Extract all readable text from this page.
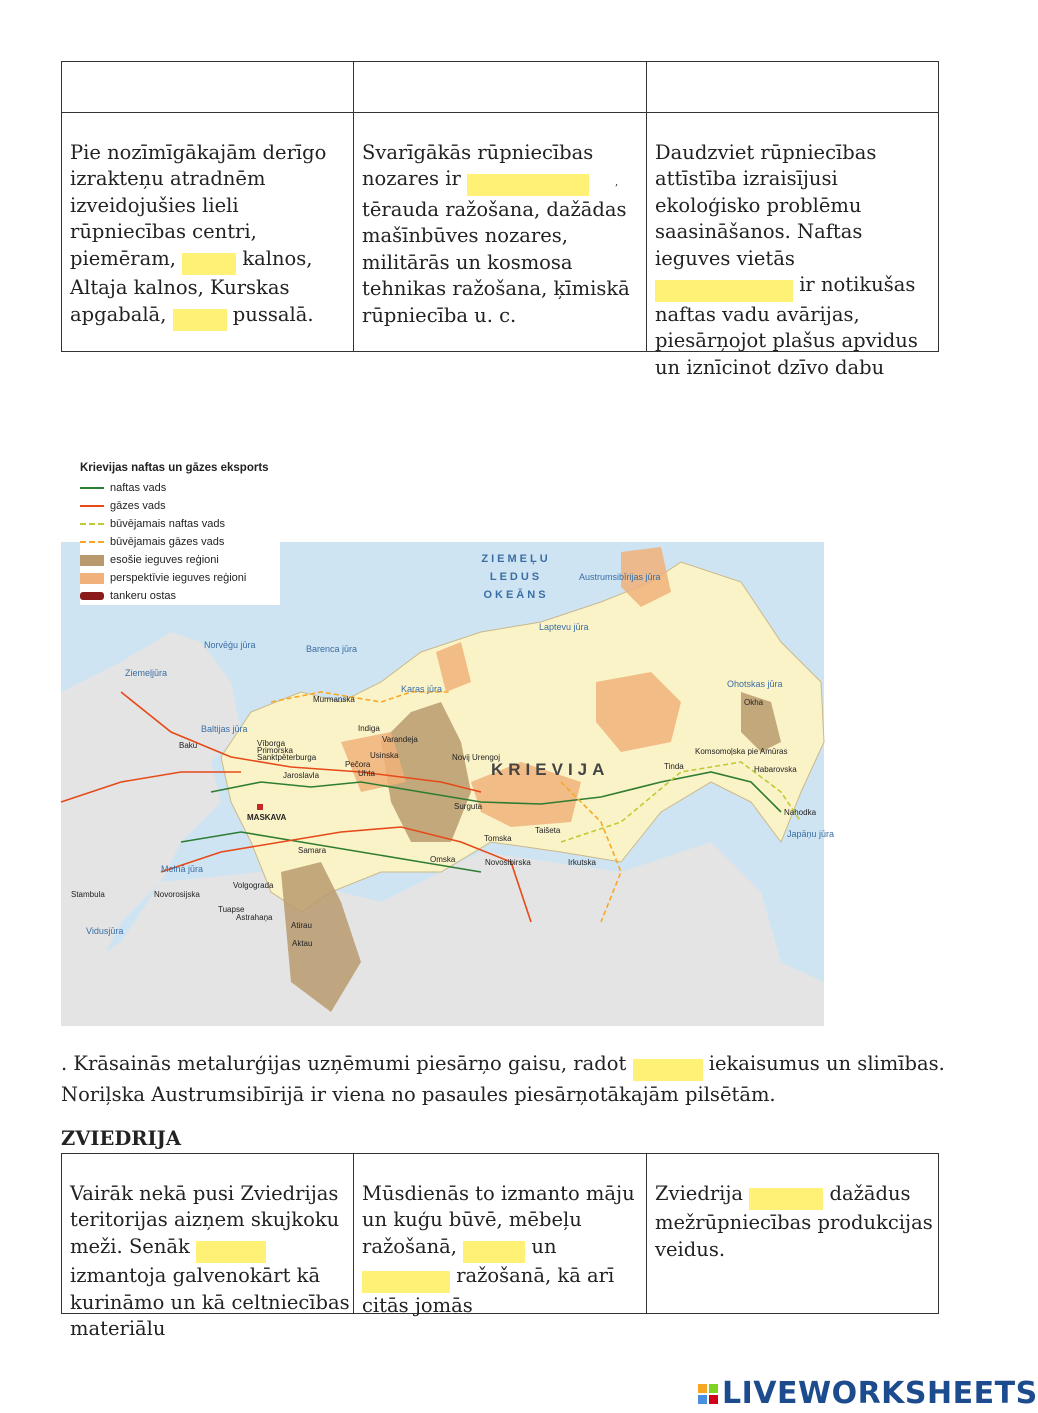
Pie nozīmīgākajām derīgo
izrakteņu atradnēm
izveidojušies lieli
rūpniecības centri,
piemēram,	kalnos,
Altaja kalnos, Kurskas
apgabalā,	pussalā.

Svarīgākās rūpniecības
nozares ir	,
tērauda ražošana, dažādas
mašīnbūves nozares,
militārās un kosmosa
tehnikas ražošana, ķīmiskā
rūpniecība u. c.

Daudzviet rūpniecības
attīstība izraisījusi
ekoloģisko problēmu
saasināšanos. Naftas
ieguves vietās
ir notikušas
naftas vadu avārijas,
piesārņojot plašus apvidus
un iznīcinot dzīvo dabu

ZIEMEĻU
LEDUS
OKEĀNS
KRIEVIJA
Norvēģu jūra	Barenca jūra
Karas jūra
Laptevu jūra
Austrumsibīrijas jūra
Ohotskas jūra
Japāņu jūra
Baltijas jūra
Melnā jūra
Vidusjūra
Ziemeļjūra
MASKAVA
Murmanska
Sanktpēterburga
Vīborga
Primorska
Jaroslavla
Samara
Volgograda
Novorosijska
Tuapse
Astrahaņa
Atirau
Aktau
Stambula
Surguta
Novij Urengoj
Tomska
Omska	Novosibirska	Irkutska
Taišeta
Tinda
Komsomoļska pie Amūras
Habarovska
Nahodka
Okha
Uhta
Pečora
Usinska
Indiga
Varandeja
Baku
Krievijas naftas un gāzes eksports
naftas vads
gāzes vads
būvējamais naftas vads
būvējamais gāzes vads
esošie ieguves reģioni
perspektīvie ieguves reģioni
tankeru ostas
. Krāsainās metalurģijas uzņēmumi piesārņo gaisu, radot	iekaisumus un slimības.
Noriļska Austrumsibīrijā ir viena no pasaules piesārņotākajām pilsētām.
ZVIEDRIJA

Vairāk nekā pusi Zviedrijas
teritorijas aizņem skujkoku
meži. Senāk
izmantoja galvenokārt kā
kurināmo un kā celtniecības
materiālu

Mūsdienās to izmanto māju
un kuģu būvē, mēbeļu
ražošanā,	un
ražošanā, kā arī
citās jomās

Zviedrija	dažādus
mežrūpniecības produkcijas
veidus.

LIVEWORKSHEETS
